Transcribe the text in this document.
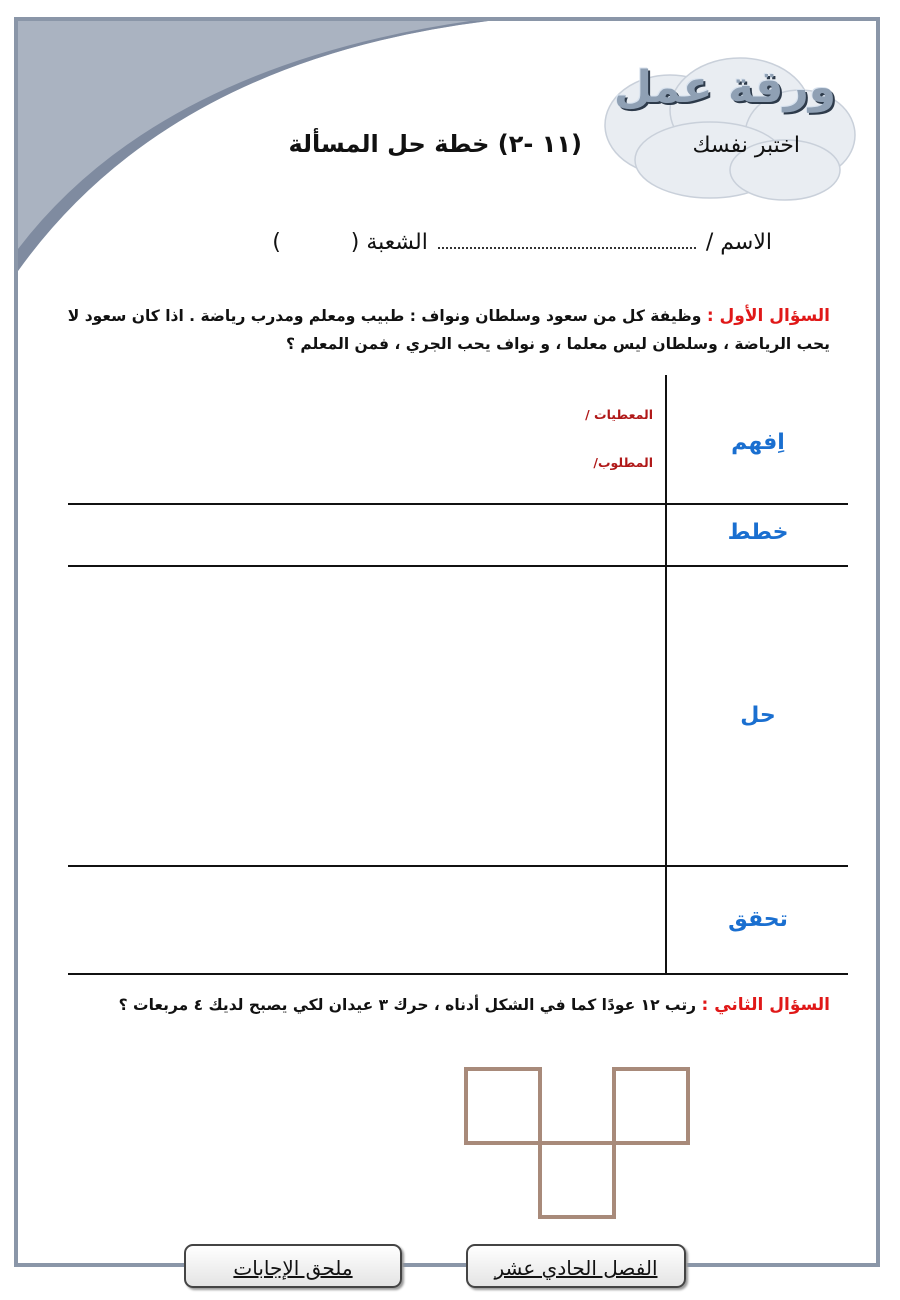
ورقة عمل
اختبر نفسك
(١١ -٢) خطة حل المسألة
الاسم /
الشعبة (          )
السؤال الأول : وظيفة كل من سعود وسلطان ونواف : طبيب ومعلم ومدرب رياضة . اذا كان سعود لا يحب الرياضة ، وسلطان ليس معلما ، و نواف يحب الجري ، فمن المعلم ؟
اِفهم
المعطيات /
المطلوب/
خطط
حل
تحقق
السؤال الثاني : رتب ١٢ عودًا كما في الشكل أدناه ، حرك ٣ عيدان لكي يصبح لديك ٤ مربعات ؟
ملحق الإجابات	الفصل الحادي عشر
